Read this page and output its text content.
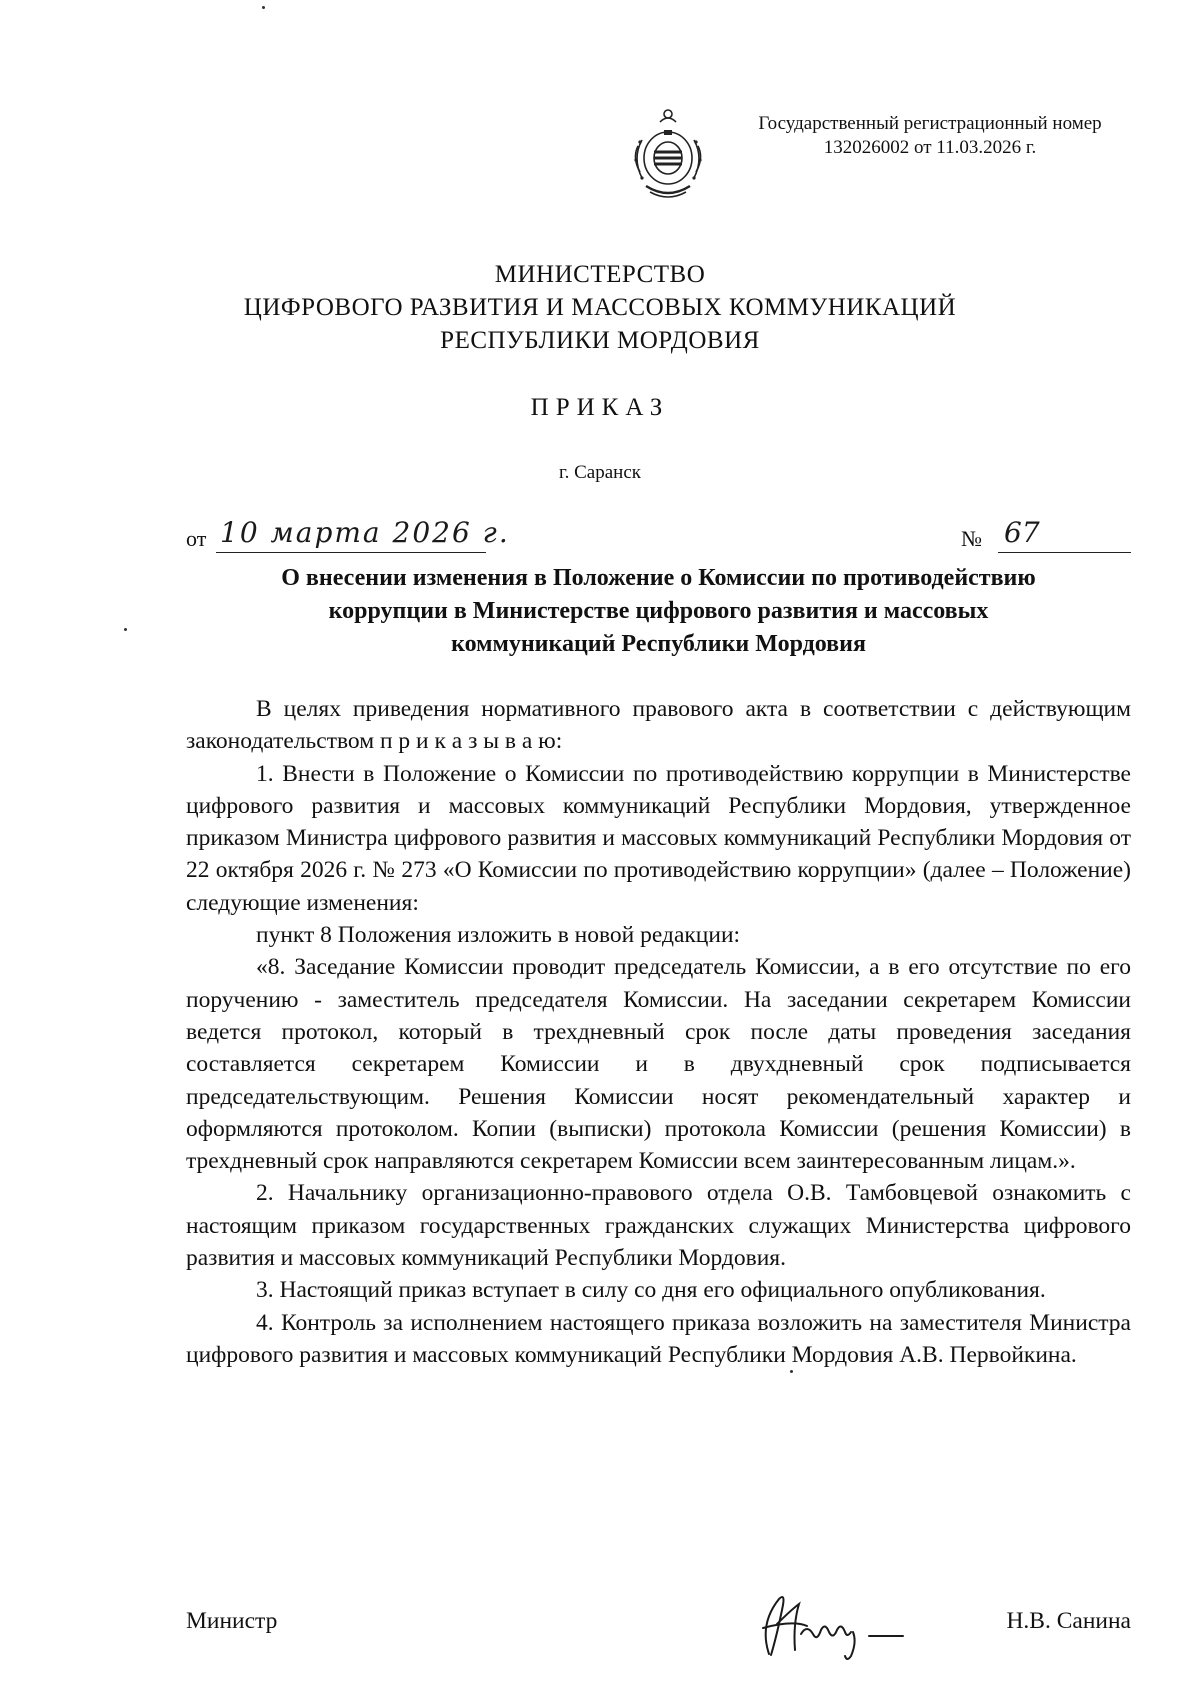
Государственный регистрационный номер
132026002 от 11.03.2026 г.
МИНИСТЕРСТВО
ЦИФРОВОГО РАЗВИТИЯ И МАССОВЫХ КОММУНИКАЦИЙ
РЕСПУБЛИКИ МОРДОВИЯ
ПРИКАЗ
г. Саранск
от 10 марта 2026 г.	№ 67
О внесении изменения в Положение о Комиссии по противодействию
коррупции в Министерстве цифрового развития и массовых
коммуникаций Республики Мордовия

В целях приведения нормативного правового акта в соответствии с действующим законодательством п р и к а з ы в а ю:

1. Внести в Положение о Комиссии по противодействию коррупции в Министерстве цифрового развития и массовых коммуникаций Республики Мордовия, утвержденное приказом Министра цифрового развития и массовых коммуникаций Республики Мордовия от 22 октября 2026 г. № 273 «О Комиссии по противодействию коррупции» (далее – Положение) следующие изменения:

пункт 8 Положения изложить в новой редакции:

«8. Заседание Комиссии проводит председатель Комиссии, а в его отсутствие по его поручению - заместитель председателя Комиссии. На заседании секретарем Комиссии ведется протокол, который в трехдневный срок после даты проведения заседания составляется секретарем Комиссии и в двухдневный срок подписывается председательствующим. Решения Комиссии носят рекомендательный характер и оформляются протоколом. Копии (выписки) протокола Комиссии (решения Комиссии) в трехдневный срок направляются секретарем Комиссии всем заинтересованным лицам.».

2. Начальнику организационно-правового отдела О.В. Тамбовцевой ознакомить с настоящим приказом государственных гражданских служащих Министерства цифрового развития и массовых коммуникаций Республики Мордовия.

3. Настоящий приказ вступает в силу со дня его официального опубликования.

4. Контроль за исполнением настоящего приказа возложить на заместителя Министра цифрового развития и массовых коммуникаций Республики Мордовия А.В. Первойкина.

Министр	Н.В. Санина
